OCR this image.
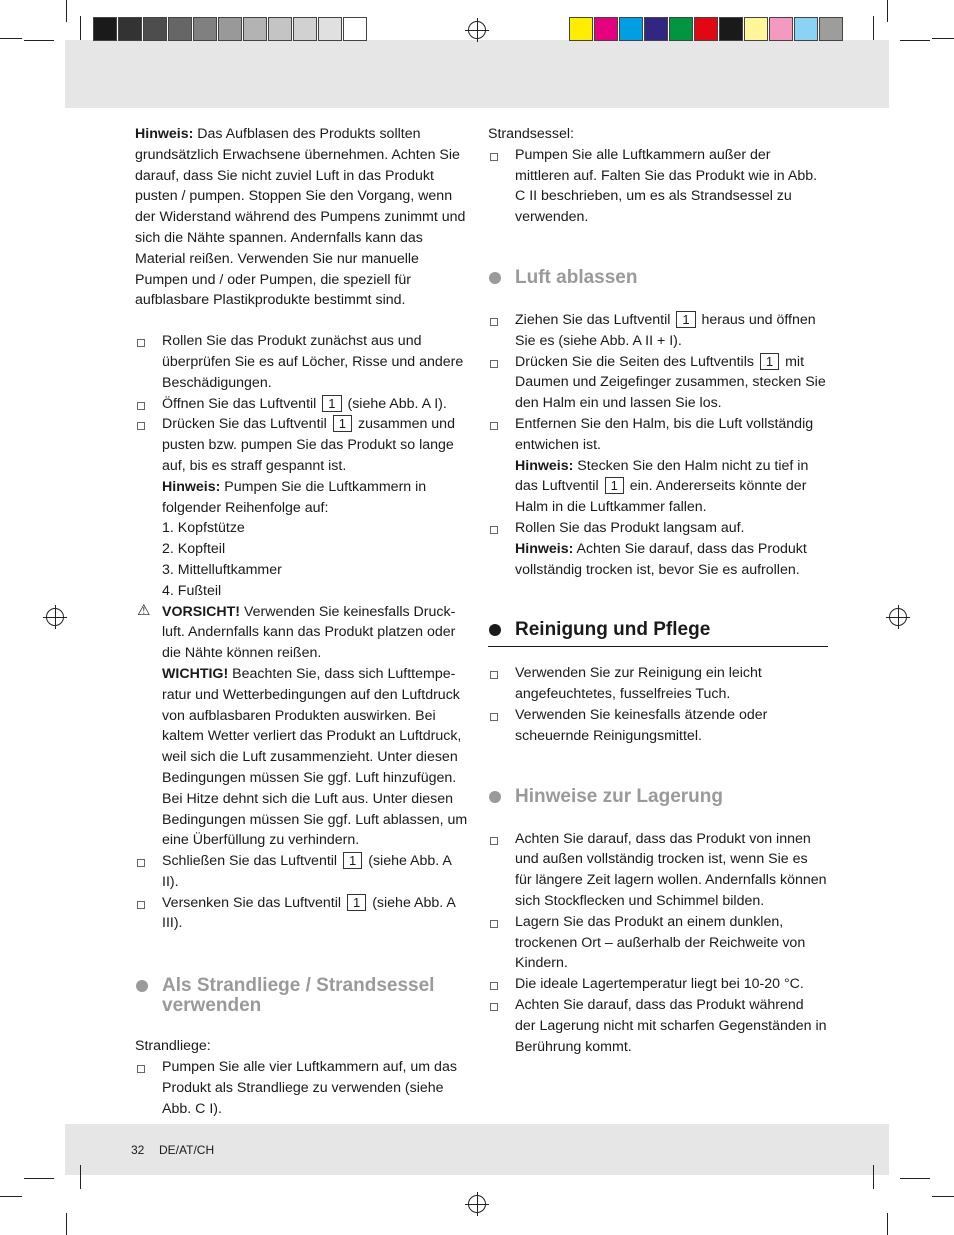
Hinweis: Das Aufblasen des Produkts sollten grundsätzlich Erwachsene übernehmen. Achten Sie darauf, dass Sie nicht zuviel Luft in das Produkt pusten / pumpen. Stoppen Sie den Vorgang, wenn der Widerstand während des Pumpens zunimmt und sich die Nähte spannen. Andernfalls kann das Material reißen. Verwenden Sie nur manuelle Pumpen und / oder Pumpen, die speziell für aufblasbare Plastikprodukte bestimmt sind.

Rollen Sie das Produkt zunächst aus und überprüfen Sie es auf Löcher, Risse und andere Beschädigungen.

Öffnen Sie das Luftventil 1 (siehe Abb. A I).

Drücken Sie das Luftventil 1 zusammen und pusten bzw. pumpen Sie das Produkt so lange auf, bis es straff gespannt ist.

Hinweis: Pumpen Sie die Luftkammern in folgender Reihenfolge auf:

1. Kopfstütze

2. Kopfteil

3. Mittelluftkammer

4. Fußteil

⚠ VORSICHT! Verwenden Sie keinesfalls Druckluft. Andernfalls kann das Produkt platzen oder die Nähte können reißen.

WICHTIG! Beachten Sie, dass sich Lufttemperatur und Wetterbedingungen auf den Luftdruck von aufblasbaren Produkten auswirken. Bei kaltem Wetter verliert das Produkt an Luftdruck, weil sich die Luft zusammenzieht. Unter diesen Bedingungen müssen Sie ggf. Luft hinzufügen. Bei Hitze dehnt sich die Luft aus. Unter diesen Bedingungen müssen Sie ggf. Luft ablassen, um eine Überfüllung zu verhindern.

Schließen Sie das Luftventil 1 (siehe Abb. A II).

Versenken Sie das Luftventil 1 (siehe Abb. A III).

Als Strandliege / Strandsessel verwenden

Strandliege:

Pumpen Sie alle vier Luftkammern auf, um das Produkt als Strandliege zu verwenden (siehe Abb. C I).

Strandsessel:

Pumpen Sie alle Luftkammern außer der mittleren auf. Falten Sie das Produkt wie in Abb. C II beschrieben, um es als Strandsessel zu verwenden.

Luft ablassen

Ziehen Sie das Luftventil 1 heraus und öffnen Sie es (siehe Abb. A II + I).

Drücken Sie die Seiten des Luftventils 1 mit Daumen und Zeigefinger zusammen, stecken Sie den Halm ein und lassen Sie los.

Entfernen Sie den Halm, bis die Luft vollständig entwichen ist.

Hinweis: Stecken Sie den Halm nicht zu tief in das Luftventil 1 ein. Andererseits könnte der Halm in die Luftkammer fallen.

Rollen Sie das Produkt langsam auf.

Hinweis: Achten Sie darauf, dass das Produkt vollständig trocken ist, bevor Sie es aufrollen.

Reinigung und Pflege

Verwenden Sie zur Reinigung ein leicht angefeuchtetes, fusselfreies Tuch.

Verwenden Sie keinesfalls ätzende oder scheuernde Reinigungsmittel.

Hinweise zur Lagerung

Achten Sie darauf, dass das Produkt von innen und außen vollständig trocken ist, wenn Sie es für längere Zeit lagern wollen. Andernfalls können sich Stockflecken und Schimmel bilden.

Lagern Sie das Produkt an einem dunklen, trockenen Ort – außerhalb der Reichweite von Kindern.

Die ideale Lagertemperatur liegt bei 10-20 °C.

Achten Sie darauf, dass das Produkt während der Lagerung nicht mit scharfen Gegenständen in Berührung kommt.

32 DE/AT/CH
